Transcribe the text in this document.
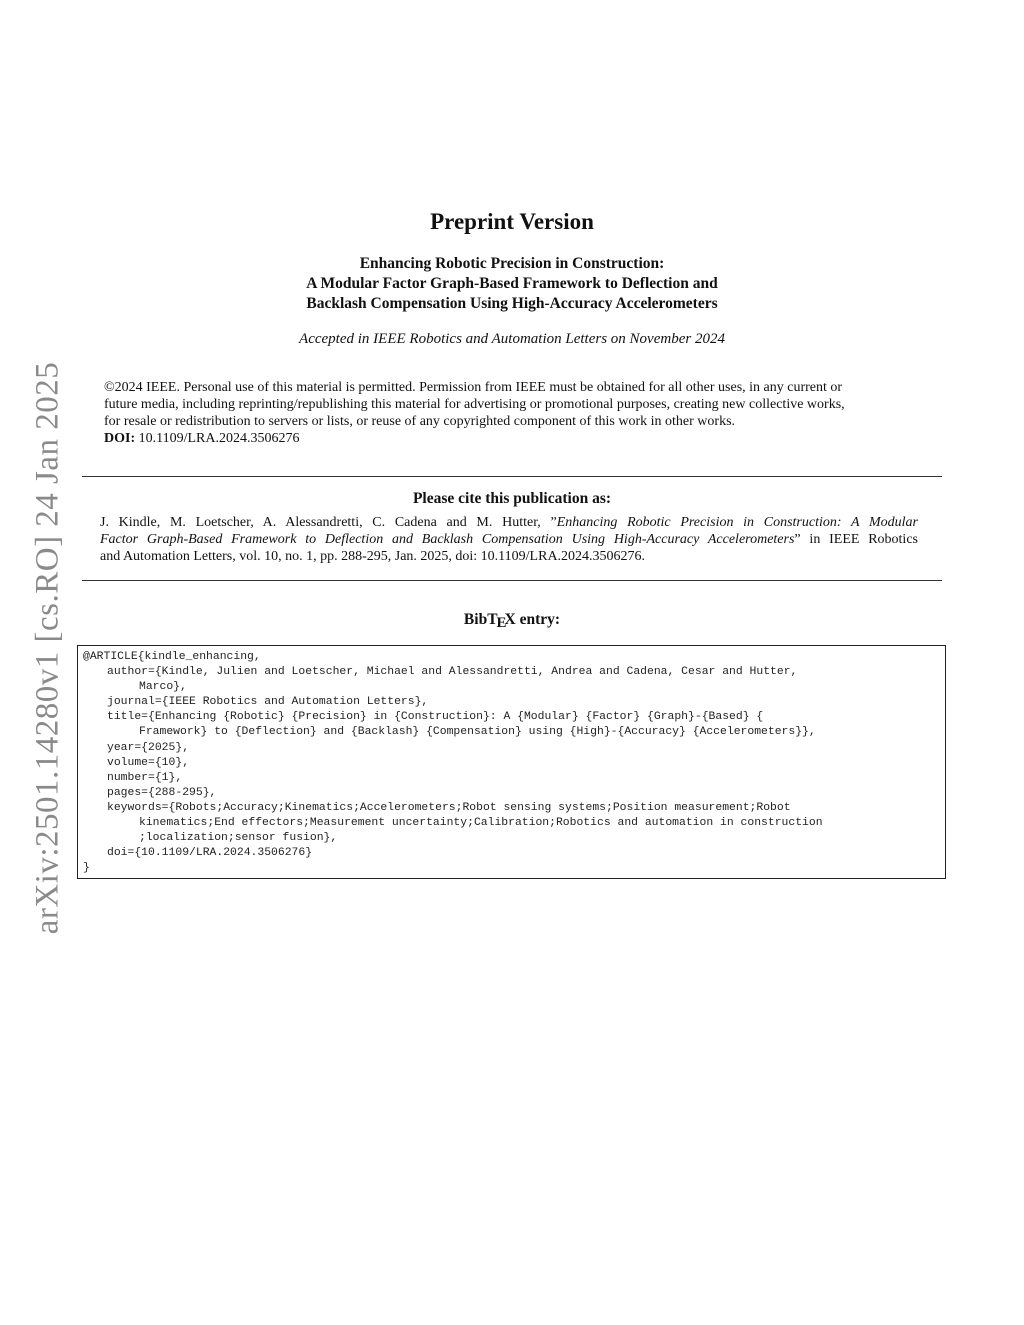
arXiv:2501.14280v1 [cs.RO] 24 Jan 2025
Preprint Version
Enhancing Robotic Precision in Construction:
A Modular Factor Graph-Based Framework to Deflection and
Backlash Compensation Using High-Accuracy Accelerometers

Accepted in IEEE Robotics and Automation Letters on November 2024

©2024 IEEE. Personal use of this material is permitted. Permission from IEEE must be obtained for all other uses, in any current or
future media, including reprinting/republishing this material for advertising or promotional purposes, creating new collective works,
for resale or redistribution to servers or lists, or reuse of any copyrighted component of this work in other works.
DOI: 10.1109/LRA.2024.3506276
Please cite this publication as:
J. Kindle, M. Loetscher, A. Alessandretti, C. Cadena and M. Hutter, ”Enhancing Robotic Precision in Construction: A Modular
Factor Graph-Based Framework to Deflection and Backlash Compensation Using High-Accuracy Accelerometers” in IEEE Robotics
and Automation Letters, vol. 10, no. 1, pp. 288-295, Jan. 2025, doi: 10.1109/LRA.2024.3506276.
BibTEX entry:
@ARTICLE{kindle_enhancing,
author={Kindle, Julien and Loetscher, Michael and Alessandretti, Andrea and Cadena, Cesar and Hutter,
Marco},
journal={IEEE Robotics and Automation Letters},
title={Enhancing {Robotic} {Precision} in {Construction}: A {Modular} {Factor} {Graph}-{Based} {
Framework} to {Deflection} and {Backlash} {Compensation} using {High}-{Accuracy} {Accelerometers}},
year={2025},
volume={10},
number={1},
pages={288-295},
keywords={Robots;Accuracy;Kinematics;Accelerometers;Robot sensing systems;Position measurement;Robot
kinematics;End effectors;Measurement uncertainty;Calibration;Robotics and automation in construction
;localization;sensor fusion},
doi={10.1109/LRA.2024.3506276}
}
